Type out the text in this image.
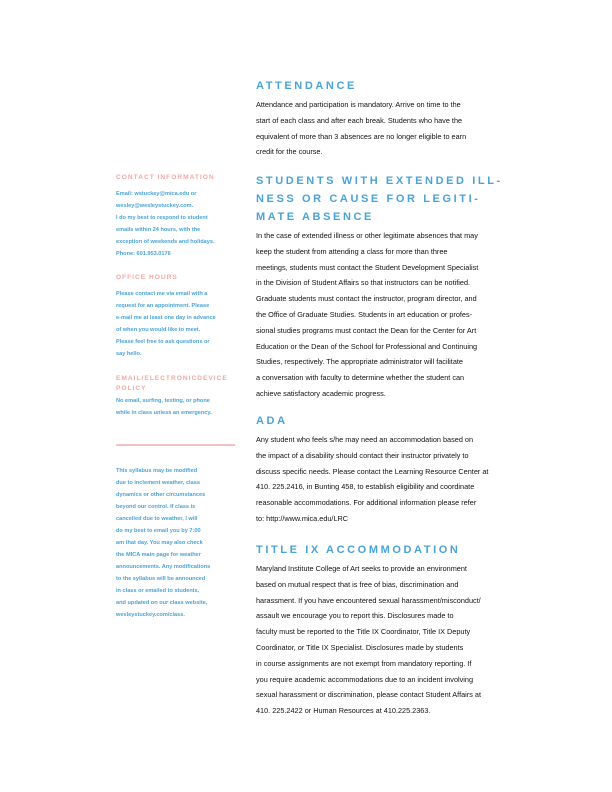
CONTACT INFORMATION
Email: wstuckey@mica.edu or
wesley@wesleystuckey.com.
I do my best to respond to student
emails within 24 hours, with the
exception of weekends and holidays.
Phone: 601.953.0176
OFFICE HOURS
Please contact me via email with a
request for an appointment. Please
e-mail me at least one day in advance
of when you would like to meet.
Please feel free to ask questions or
say hello.
EMAIL/ELECTRONICDEVICE POLICY
No email, surfing, texting, or phone
while in class unless an emergency.
This syllabus may be modified
due to inclement weather, class
dynamics or other circumstances
beyond our control. If class is
cancelled due to weather, I will
do my best to email you by 7:00
am that day. You may also check
the MICA main page for weather
announcements. Any modifications
to the syllabus will be announced
in class or emailed to students,
and updated on our class website,
wesleystuckey.com/class.
ATTENDANCE
Attendance and participation is mandatory. Arrive on time to the
start of each class and after each break. Students who have the
equivalent of more than 3 absences are no longer eligible to earn
credit for the course.
STUDENTS WITH EXTENDED ILL-
NESS OR CAUSE FOR LEGITI-
MATE ABSENCE
In the case of extended illness or other legitimate absences that may
keep the student from attending a class for more than three
meetings, students must contact the Student Development Specialist
in the Division of Student Affairs so that instructors can be notified.
Graduate students must contact the instructor, program director, and
the Office of Graduate Studies. Students in art education or profes-
sional studies programs must contact the Dean for the Center for Art
Education or the Dean of the School for Professional and Continuing
Studies, respectively. The appropriate administrator will facilitate
a conversation with faculty to determine whether the student can
achieve satisfactory academic progress.
ADA
Any student who feels s/he may need an accommodation based on
the impact of a disability should contact their instructor privately to
discuss specific needs. Please contact the Learning Resource Center at
410. 225.2416, in Bunting 458, to establish eligibility and coordinate
reasonable accommodations. For additional information please refer
to: http://www.mica.edu/LRC
TITLE IX ACCOMMODATION
Maryland Institute College of Art seeks to provide an environment
based on mutual respect that is free of bias, discrimination and
harassment. If you have encountered sexual harassment/misconduct/
assault we encourage you to report this. Disclosures made to
faculty must be reported to the Title IX Coordinator, Title IX Deputy
Coordinator, or Title IX Specialist. Disclosures made by students
in course assignments are not exempt from mandatory reporting. If
you require academic accommodations due to an incident involving
sexual harassment or discrimination, please contact Student Affairs at
410. 225.2422 or Human Resources at 410.225.2363.
